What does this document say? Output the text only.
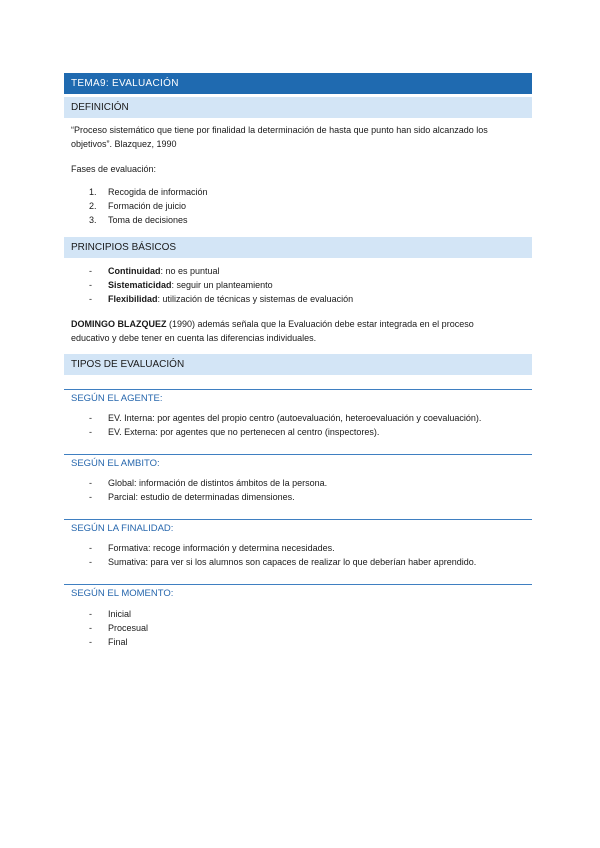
TEMA9: EVALUACIÓN
DEFINICIÓN
“Proceso sistemático que tiene por finalidad la determinación de hasta que punto han sido alcanzado los
objetivos”. Blazquez, 1990
Fases de evaluación:
1. Recogida de información
2. Formación de juicio
3. Toma de decisiones
PRINCIPIOS BÁSICOS
- Continuidad: no es puntual
- Sistematicidad: seguir un planteamiento
- Flexibilidad: utilización de técnicas y sistemas de evaluación
DOMINGO BLAZQUEZ (1990) además señala que la Evaluación debe estar integrada en el proceso
educativo y debe tener en cuenta las diferencias individuales.
TIPOS DE EVALUACIÓN
SEGÚN EL AGENTE:
- EV. Interna: por agentes del propio centro (autoevaluación, heteroevaluación y coevaluación).
- EV. Externa: por agentes que no pertenecen al centro (inspectores).
SEGÚN EL AMBITO:
- Global: información de distintos ámbitos de la persona.
- Parcial: estudio de determinadas dimensiones.
SEGÚN LA FINALIDAD:
- Formativa: recoge información y determina necesidades.
- Sumativa: para ver si los alumnos son capaces de realizar lo que deberían haber aprendido.
SEGÚN EL MOMENTO:
- Inicial
- Procesual
- Final
